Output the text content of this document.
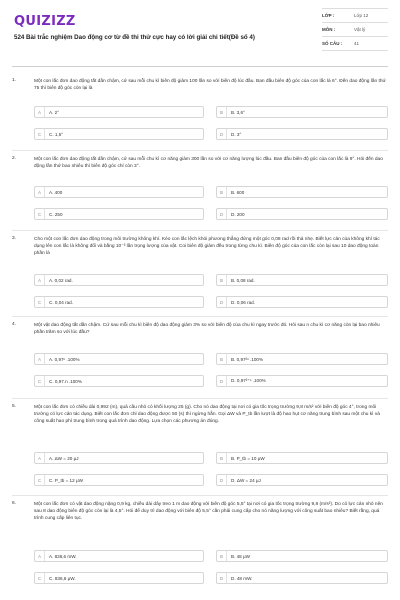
QUIZIZZ
524 Bài trắc nghiệm Dao động cơ từ đề thi thử cực hay có lời giải chi tiết(Đề số 4)
LỚP :	Lớp 12
MÔN :	Vật lý
SỐ CÂU :	41
1.	Một con lắc đơn dao động tắt dần chậm, cứ sau mỗi chu kì biên độ giảm 100 lần so với biên độ lúc đầu. Ban đầu biên độ góc của con lắc là 6°. Đến dao động lần thứ 75 thì biên độ góc còn lại là
A	A. 2°	B	B. 3,6°
C	C. 1,5°	D	D. 3°
2.	Một con lắc đơn dao động tắt dần chậm, cứ sau mỗi chu kì cơ năng giảm 300 lần so với cơ năng lượng lúc đầu. Ban đầu biên độ góc của con lắc là 9°. Hỏi đến dao động lần thứ bao nhiêu thì biên độ góc chỉ còn 3°.
A	A. 400	B	B. 600
C	C. 250	D	D. 200
3.	Cho một con lắc đơn dao động trong môi trường không khí. Kéo con lắc lệch khỏi phương thẳng đứng một góc 0,08 rad rồi thả nhẹ. Biết lực cản của không khí tác dụng lên con lắc là không đổi và bằng 10⁻³ lần trọng lượng của vật. Coi biên độ giảm đều trong từng chu kì. Biên độ góc của con lắc còn lại sau 10 dao động toàn phần là
A	A. 0,02 rad.	B	B. 0,08 rad.
C	C. 0,04 rad.	D	D. 0,06 rad.
4.	Một vật dao động tắt dần chậm. Cứ sau mỗi chu kì biên độ dao động giảm 3% so với biên độ của chu kì ngay trước đó. Hỏi sau n chu kì cơ năng còn lại bao nhiêu phần trăm so với lúc đầu?
A	A. 0,97ⁿ .100%	B	B. 0,97²ⁿ .100%
C	C. 0,97.n .100%	D	D. 0,97²⁺ⁿ .100%
5.	Một con lắc đơn có chiều dài 0,992 (m), quả cầu nhỏ có khối lượng 25 (g). Cho nó dao động tại nơi có gia tốc trọng trường 9,8 m/s² với biên độ góc 4°, trong môi trường có lực cản tác dụng. Biết con lắc đơn chỉ dao động được 50 (s) thì ngừng hẳn. Gọi ΔW và P_tb lần lượt là độ hao hụt cơ năng trung bình sau một chu kì và công suất hao phí trung bình trong quá trình dao động. Lựa chọn các phương án đúng.
A	A. ΔW = 20 μJ	B	B. P_tb = 10 μW
C	C. P_tb = 12 μW	D	D. ΔW = 24 μJ
6.	Một con lắc đơn có vật dao động nặng 0,9 kg, chiều dài dây treo 1 m dao động với biên độ góc 5,5° tại nơi có gia tốc trọng trường 9,8 (m/s²). Do có lực cản nhỏ nên sau 8 dao động biên độ góc còn lại là 4,5°. Hỏi để duy trì dao động với biên độ 5,5° cần phải cung cấp cho nó năng lượng với công suất bao nhiêu? Biết rằng, quá trình cung cấp liên tục.
A	A. 836,6 mW.	B	B. 48 μW
C	C. 836,6 μW.	D	D. 48 mW.
